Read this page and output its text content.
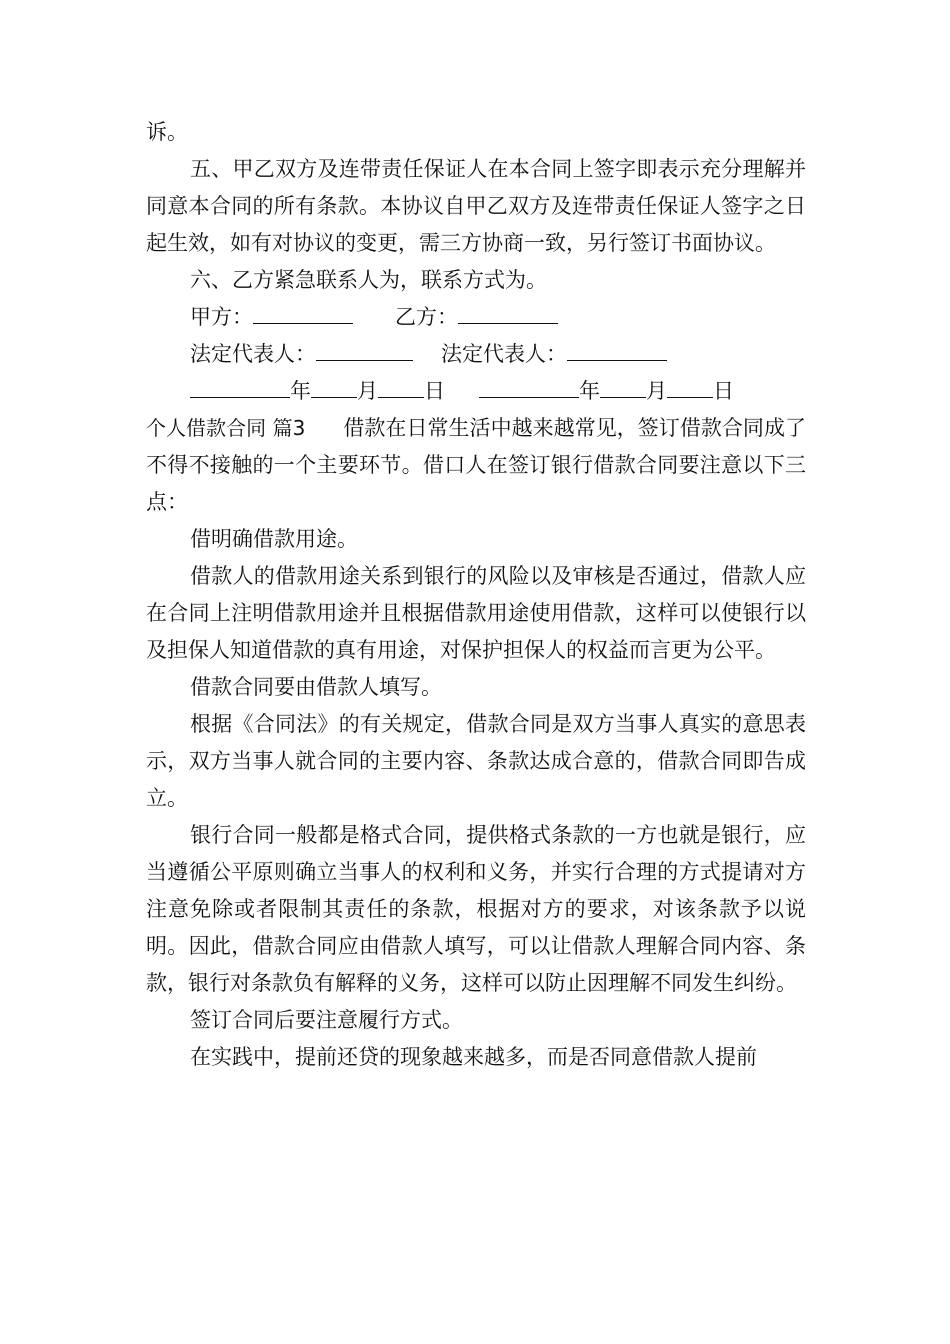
诉。

五、甲乙双方及连带责任保证人在本合同上签字即表示充分理解并同意本合同的所有条款。本协议自甲乙双方及连带责任保证人签字之日起生效，如有对协议的变更，需三方协商一致，另行签订书面协议。

六、乙方紧急联系人为，联系方式为。

甲方：	乙方：

法定代表人：	法定代表人：

年 月 日	年 月 日

个人借款合同 篇3 借款在日常生活中越来越常见，签订借款合同成了不得不接触的一个主要环节。借口人在签订银行借款合同要注意以下三点：

借明确借款用途。

借款人的借款用途关系到银行的风险以及审核是否通过，借款人应在合同上注明借款用途并且根据借款用途使用借款，这样可以使银行以及担保人知道借款的真有用途，对保护担保人的权益而言更为公平。

借款合同要由借款人填写。

根据《合同法》的有关规定，借款合同是双方当事人真实的意思表示，双方当事人就合同的主要内容、条款达成合意的，借款合同即告成立。

银行合同一般都是格式合同，提供格式条款的一方也就是银行，应当遵循公平原则确立当事人的权利和义务，并实行合理的方式提请对方注意免除或者限制其责任的条款，根据对方的要求，对该条款予以说明。因此，借款合同应由借款人填写，可以让借款人理解合同内容、条款，银行对条款负有解释的义务，这样可以防止因理解不同发生纠纷。

签订合同后要注意履行方式。

在实践中，提前还贷的现象越来越多，而是否同意借款人提前
